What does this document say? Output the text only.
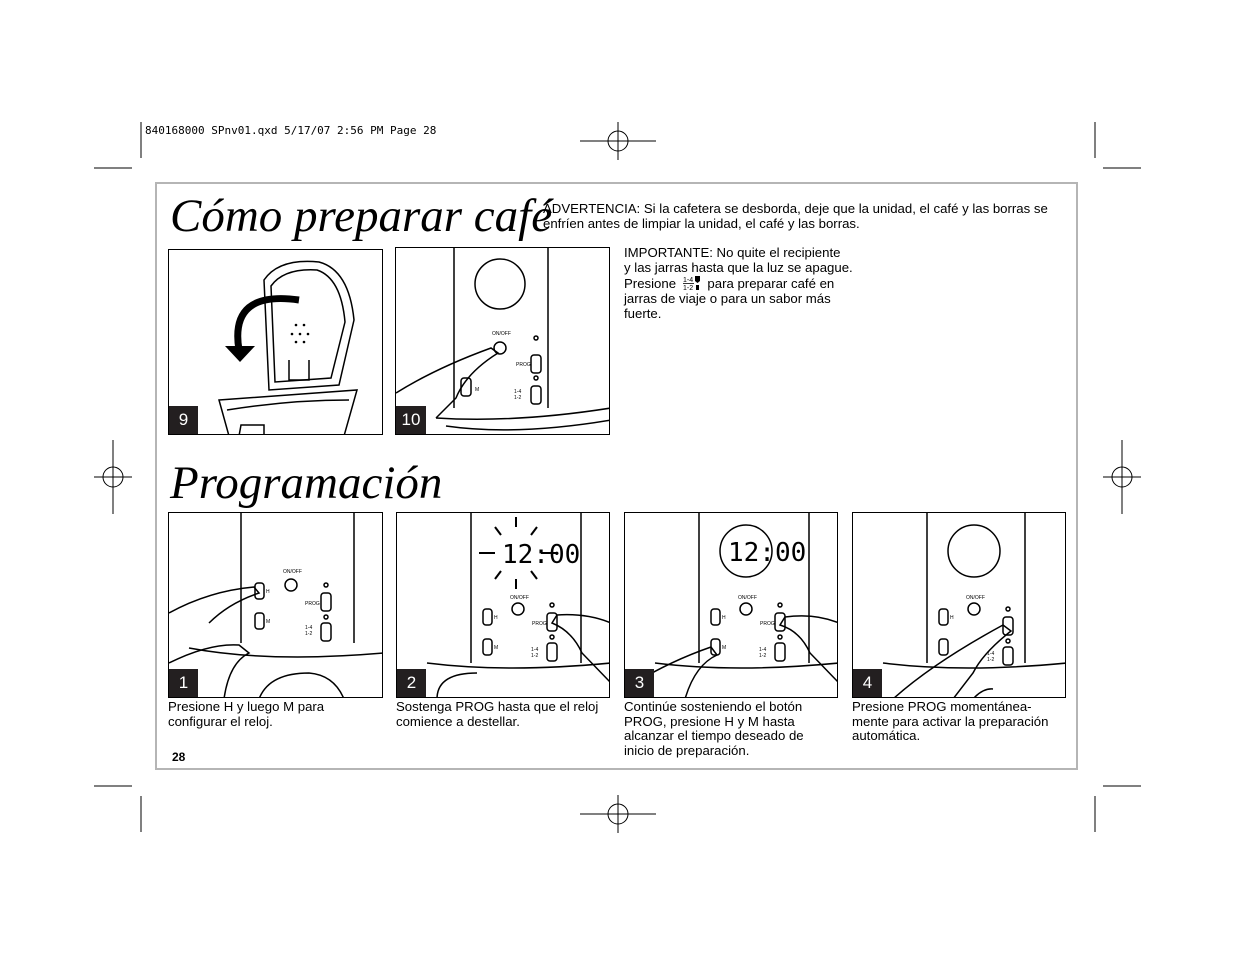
840168000 SPnv01.qxd 5/17/07 2:56 PM Page 28
Cómo preparar café
ADVERTENCIA: Si la cafetera se desborda, deje que la unidad, el café y las borras se enfríen antes de limpiar la unidad, el café y las borras.
IMPORTANTE: No quite el recipiente
y las jarras hasta que la luz se apague.
Presione 1-4
1-2 para preparar café en
jarras de viaje o para un sabor más
fuerte.
9
ON/OFF
PROG
1-4
1-2
M
10
Programación
ON/OFF
H
M
PROG
1-4
1-2
1
12:00
ON/OFF
H
M
PROG
1-4
1-2
2
12:00
ON/OFF
H
M
PROG
1-4
1-2
3
ON/OFF
H
1-4
1-2
4
Presione H y luego M para configurar el reloj.
Sostenga PROG hasta que el reloj comience a destellar.
Continúe sosteniendo el botón PROG, presione H y M hasta alcanzar el tiempo deseado de inicio de preparación.
Presione PROG momentánea-mente para activar la preparación automática.
28
